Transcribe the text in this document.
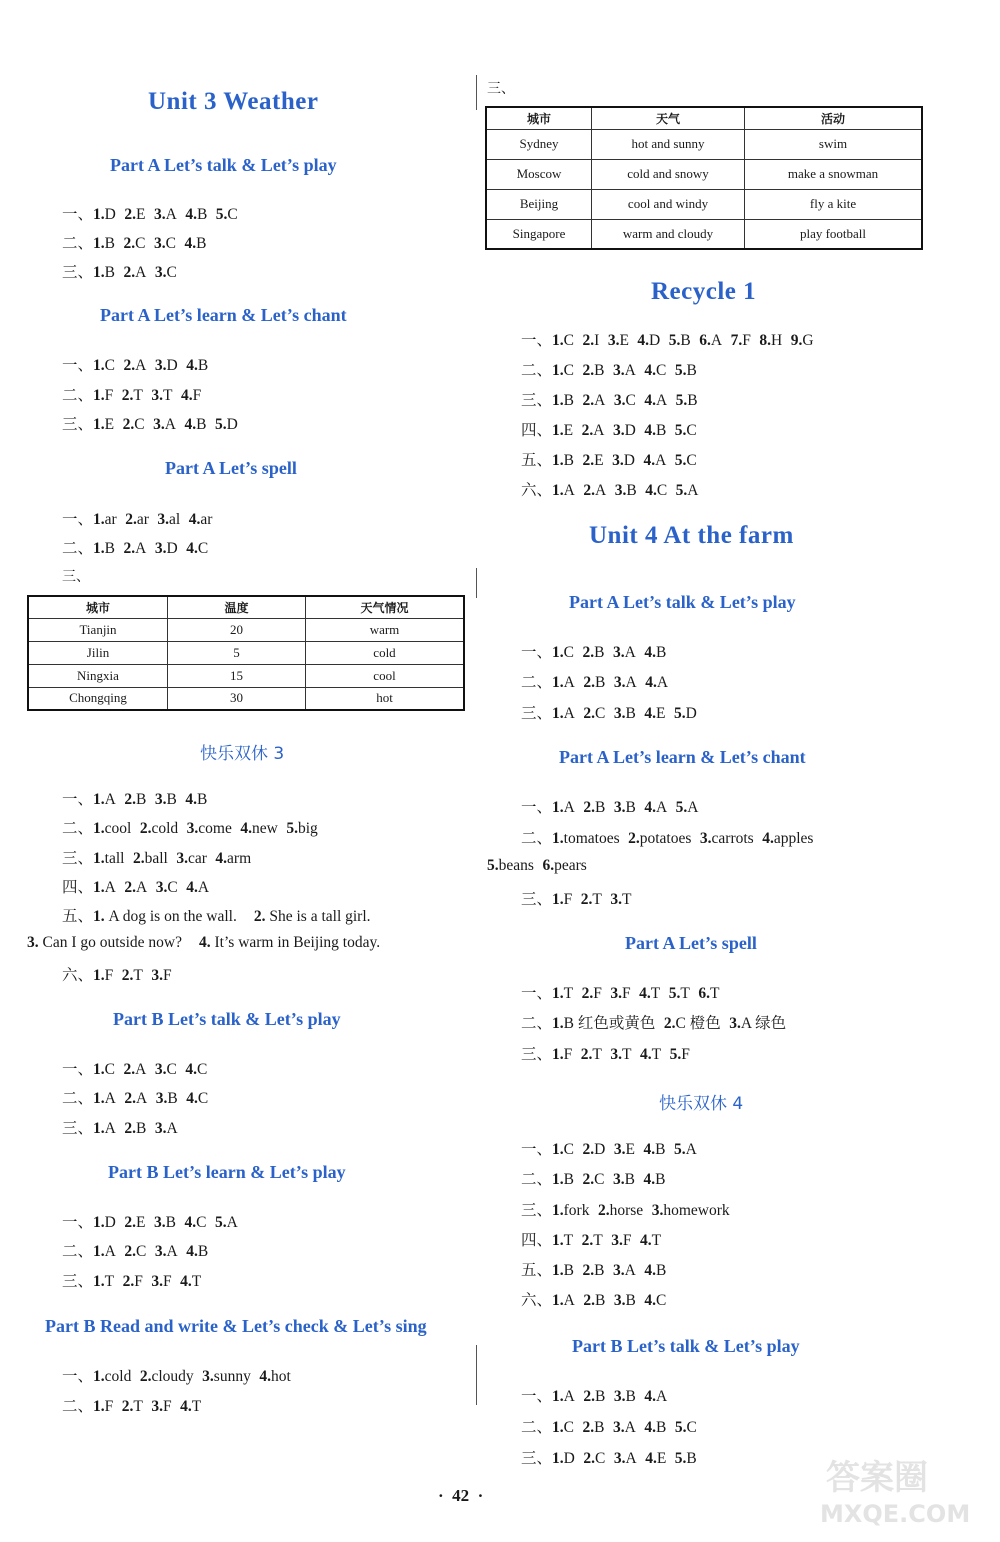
Unit 3 Weather
Part A Let’s talk & Let’s play
一、1.D 2.E 3.A 4.B 5.C
二、1.B 2.C 3.C 4.B
三、1.B 2.A 3.C
Part A Let’s learn & Let’s chant
一、1.C 2.A 3.D 4.B
二、1.F 2.T 3.T 4.F
三、1.E 2.C 3.A 4.B 5.D
Part A Let’s spell
一、1.ar 2.ar 3.al 4.ar
二、1.B 2.A 3.D 4.C
三、
城市	温度	天气情况
Tianjin	20	warm
Jilin	5	cold
Ningxia	15	cool
Chongqing	30	hot
快乐双休 3
一、1.A 2.B 3.B 4.B
二、1.cool 2.cold 3.come 4.new 5.big
三、1.tall 2.ball 3.car 4.arm
四、1.A 2.A 3.C 4.A
五、1. A dog is on the wall. 2. She is a tall girl.
3. Can I go outside now? 4. It’s warm in Beijing today.
六、1.F 2.T 3.F
Part B Let’s talk & Let’s play
一、1.C 2.A 3.C 4.C
二、1.A 2.A 3.B 4.C
三、1.A 2.B 3.A
Part B Let’s learn & Let’s play
一、1.D 2.E 3.B 4.C 5.A
二、1.A 2.C 3.A 4.B
三、1.T 2.F 3.F 4.T
Part B Read and write & Let’s check & Let’s sing
一、1.cold 2.cloudy 3.sunny 4.hot
二、1.F 2.T 3.F 4.T
三、
城市	天气	活动
Sydney	hot and sunny	swim
Moscow	cold and snowy	make a snowman
Beijing	cool and windy	fly a kite
Singapore	warm and cloudy	play football
Recycle 1
一、1.C 2.I 3.E 4.D 5.B 6.A 7.F 8.H 9.G
二、1.C 2.B 3.A 4.C 5.B
三、1.B 2.A 3.C 4.A 5.B
四、1.E 2.A 3.D 4.B 5.C
五、1.B 2.E 3.D 4.A 5.C
六、1.A 2.A 3.B 4.C 5.A
Unit 4 At the farm
Part A Let’s talk & Let’s play
一、1.C 2.B 3.A 4.B
二、1.A 2.B 3.A 4.A
三、1.A 2.C 3.B 4.E 5.D
Part A Let’s learn & Let’s chant
一、1.A 2.B 3.B 4.A 5.A
二、1.tomatoes 2.potatoes 3.carrots 4.apples
5.beans 6.pears
三、1.F 2.T 3.T
Part A Let’s spell
一、1.T 2.F 3.F 4.T 5.T 6.T
二、1.B 红色或黄色 2.C 橙色 3.A 绿色
三、1.F 2.T 3.T 4.T 5.F
快乐双休 4
一、1.C 2.D 3.E 4.B 5.A
二、1.B 2.C 3.B 4.B
三、1.fork 2.horse 3.homework
四、1.T 2.T 3.F 4.T
五、1.B 2.B 3.A 4.B
六、1.A 2.B 3.B 4.C
Part B Let’s talk & Let’s play
一、1.A 2.B 3.B 4.A
二、1.C 2.B 3.A 4.B 5.C
三、1.D 2.C 3.A 4.E 5.B
·  42  ·	答案圈
MXQE.COM
